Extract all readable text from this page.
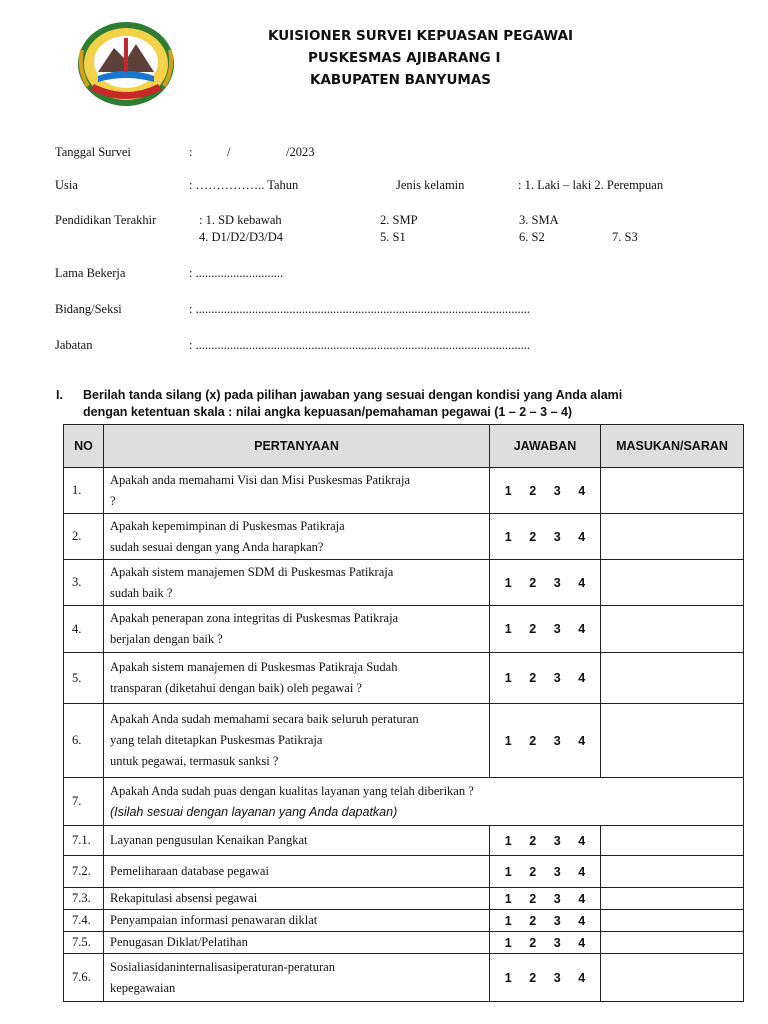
KUISIONER SURVEI KEPUASAN PEGAWAI
PUSKESMAS AJIBARANG I
KABUPATEN BANYUMAS
Tanggal Survei	:	/	/2023
Usia	: …………….. Tahun	Jenis kelamin	: 1. Laki – laki 2. Perempuan
Pendidikan Terakhir	: 1. SD kebawah	2. SMP	3. SMA
4. D1/D2/D3/D4	5. S1	6. S2	7. S3
Lama Bekerja	: ............................
Bidang/Seksi	: ...........................................................................................................
Jabatan	: ...........................................................................................................
I. Berilah tanda silang (x) pada pilihan jawaban yang sesuai dengan kondisi yang Anda alami
dengan ketentuan skala : nilai angka kepuasan/pemahaman pegawai (1 – 2 – 3 – 4)
NO	PERTANYAAN	JAWABAN	MASUKAN/SARAN
1.	Apakah anda memahami Visi dan Misi Puskesmas Patikraja
?	1 2 3 4	

2.	Apakah kepemimpinan di Puskesmas Patikraja
sudah sesuai dengan yang Anda harapkan?	1 2 3 4	

3.	Apakah sistem manajemen SDM di Puskesmas Patikraja
sudah baik ?	1 2 3 4	

4.	Apakah penerapan zona integritas di Puskesmas Patikraja
berjalan dengan baik ?	1 2 3 4	

5.	Apakah sistem manajemen di Puskesmas Patikraja Sudah
transparan (diketahui dengan baik) oleh pegawai ?	1 2 3 4	

6.	Apakah Anda sudah memahami secara baik seluruh peraturan
yang telah ditetapkan Puskesmas Patikraja
untuk pegawai, termasuk sanksi ?	1 2 3 4	

7.	Apakah Anda sudah puas dengan kualitas layanan yang telah diberikan ?
(Isilah sesuai dengan layanan yang Anda dapatkan)		

7.1.	Layanan pengusulan Kenaikan Pangkat	1 2 3 4	

7.2.	Pemeliharaan database pegawai	1 2 3 4	

7.3.	Rekapitulasi absensi pegawai	1 2 3 4	

7.4.	Penyampaian informasi penawaran diklat	1 2 3 4	

7.5.	Penugasan Diklat/Pelatihan	1 2 3 4	

7.6.	Sosialiasidaninternalisasiperaturan-peraturan
kepegawaian	1 2 3 4	
